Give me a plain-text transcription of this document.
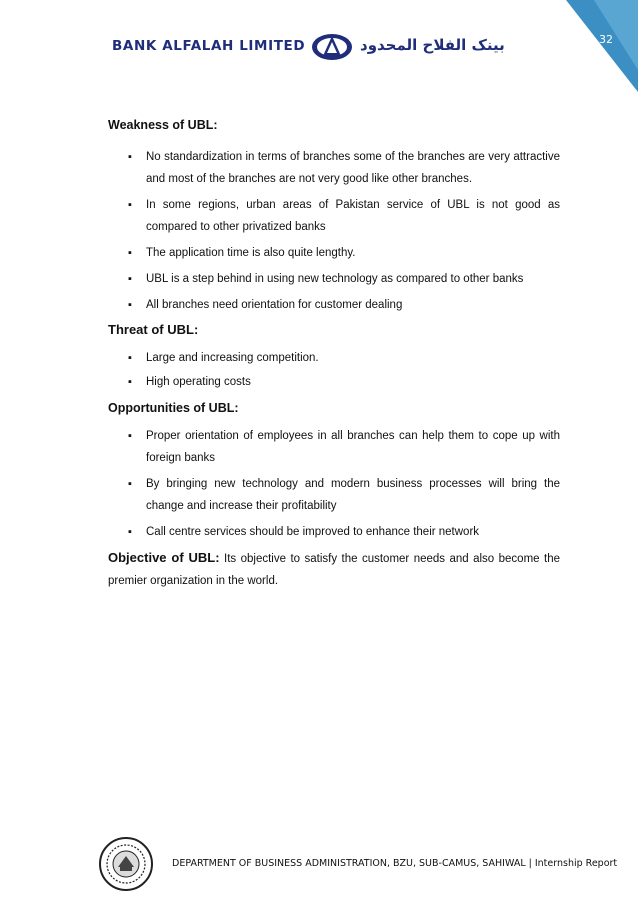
32
BANK ALFALAH LIMITED	بینک الفلاح المحدود

Weakness of UBL:

▪ No standardization in terms of branches some of the branches are very attractive and most of the branches are not very good like other branches.
▪ In some regions, urban areas of Pakistan service of UBL is not good as compared to other privatized banks
▪ The application time is also quite lengthy.
▪ UBL is a step behind in using new technology as compared to other banks
▪ All branches need orientation for customer dealing

Threat of UBL:

▪ Large and increasing competition.
▪ High operating costs

Opportunities of UBL:

▪ Proper orientation of employees in all branches can help them to cope up with foreign banks
▪ By bringing new technology and modern business processes will bring the change and increase their profitability
▪ Call centre services should be improved to enhance their network

Objective of UBL: Its objective to satisfy the customer needs and also become the premier organization in the world.

DEPARTMENT OF BUSINESS ADMINISTRATION, BZU, SUB-CAMUS, SAHIWAL | Internship Report
